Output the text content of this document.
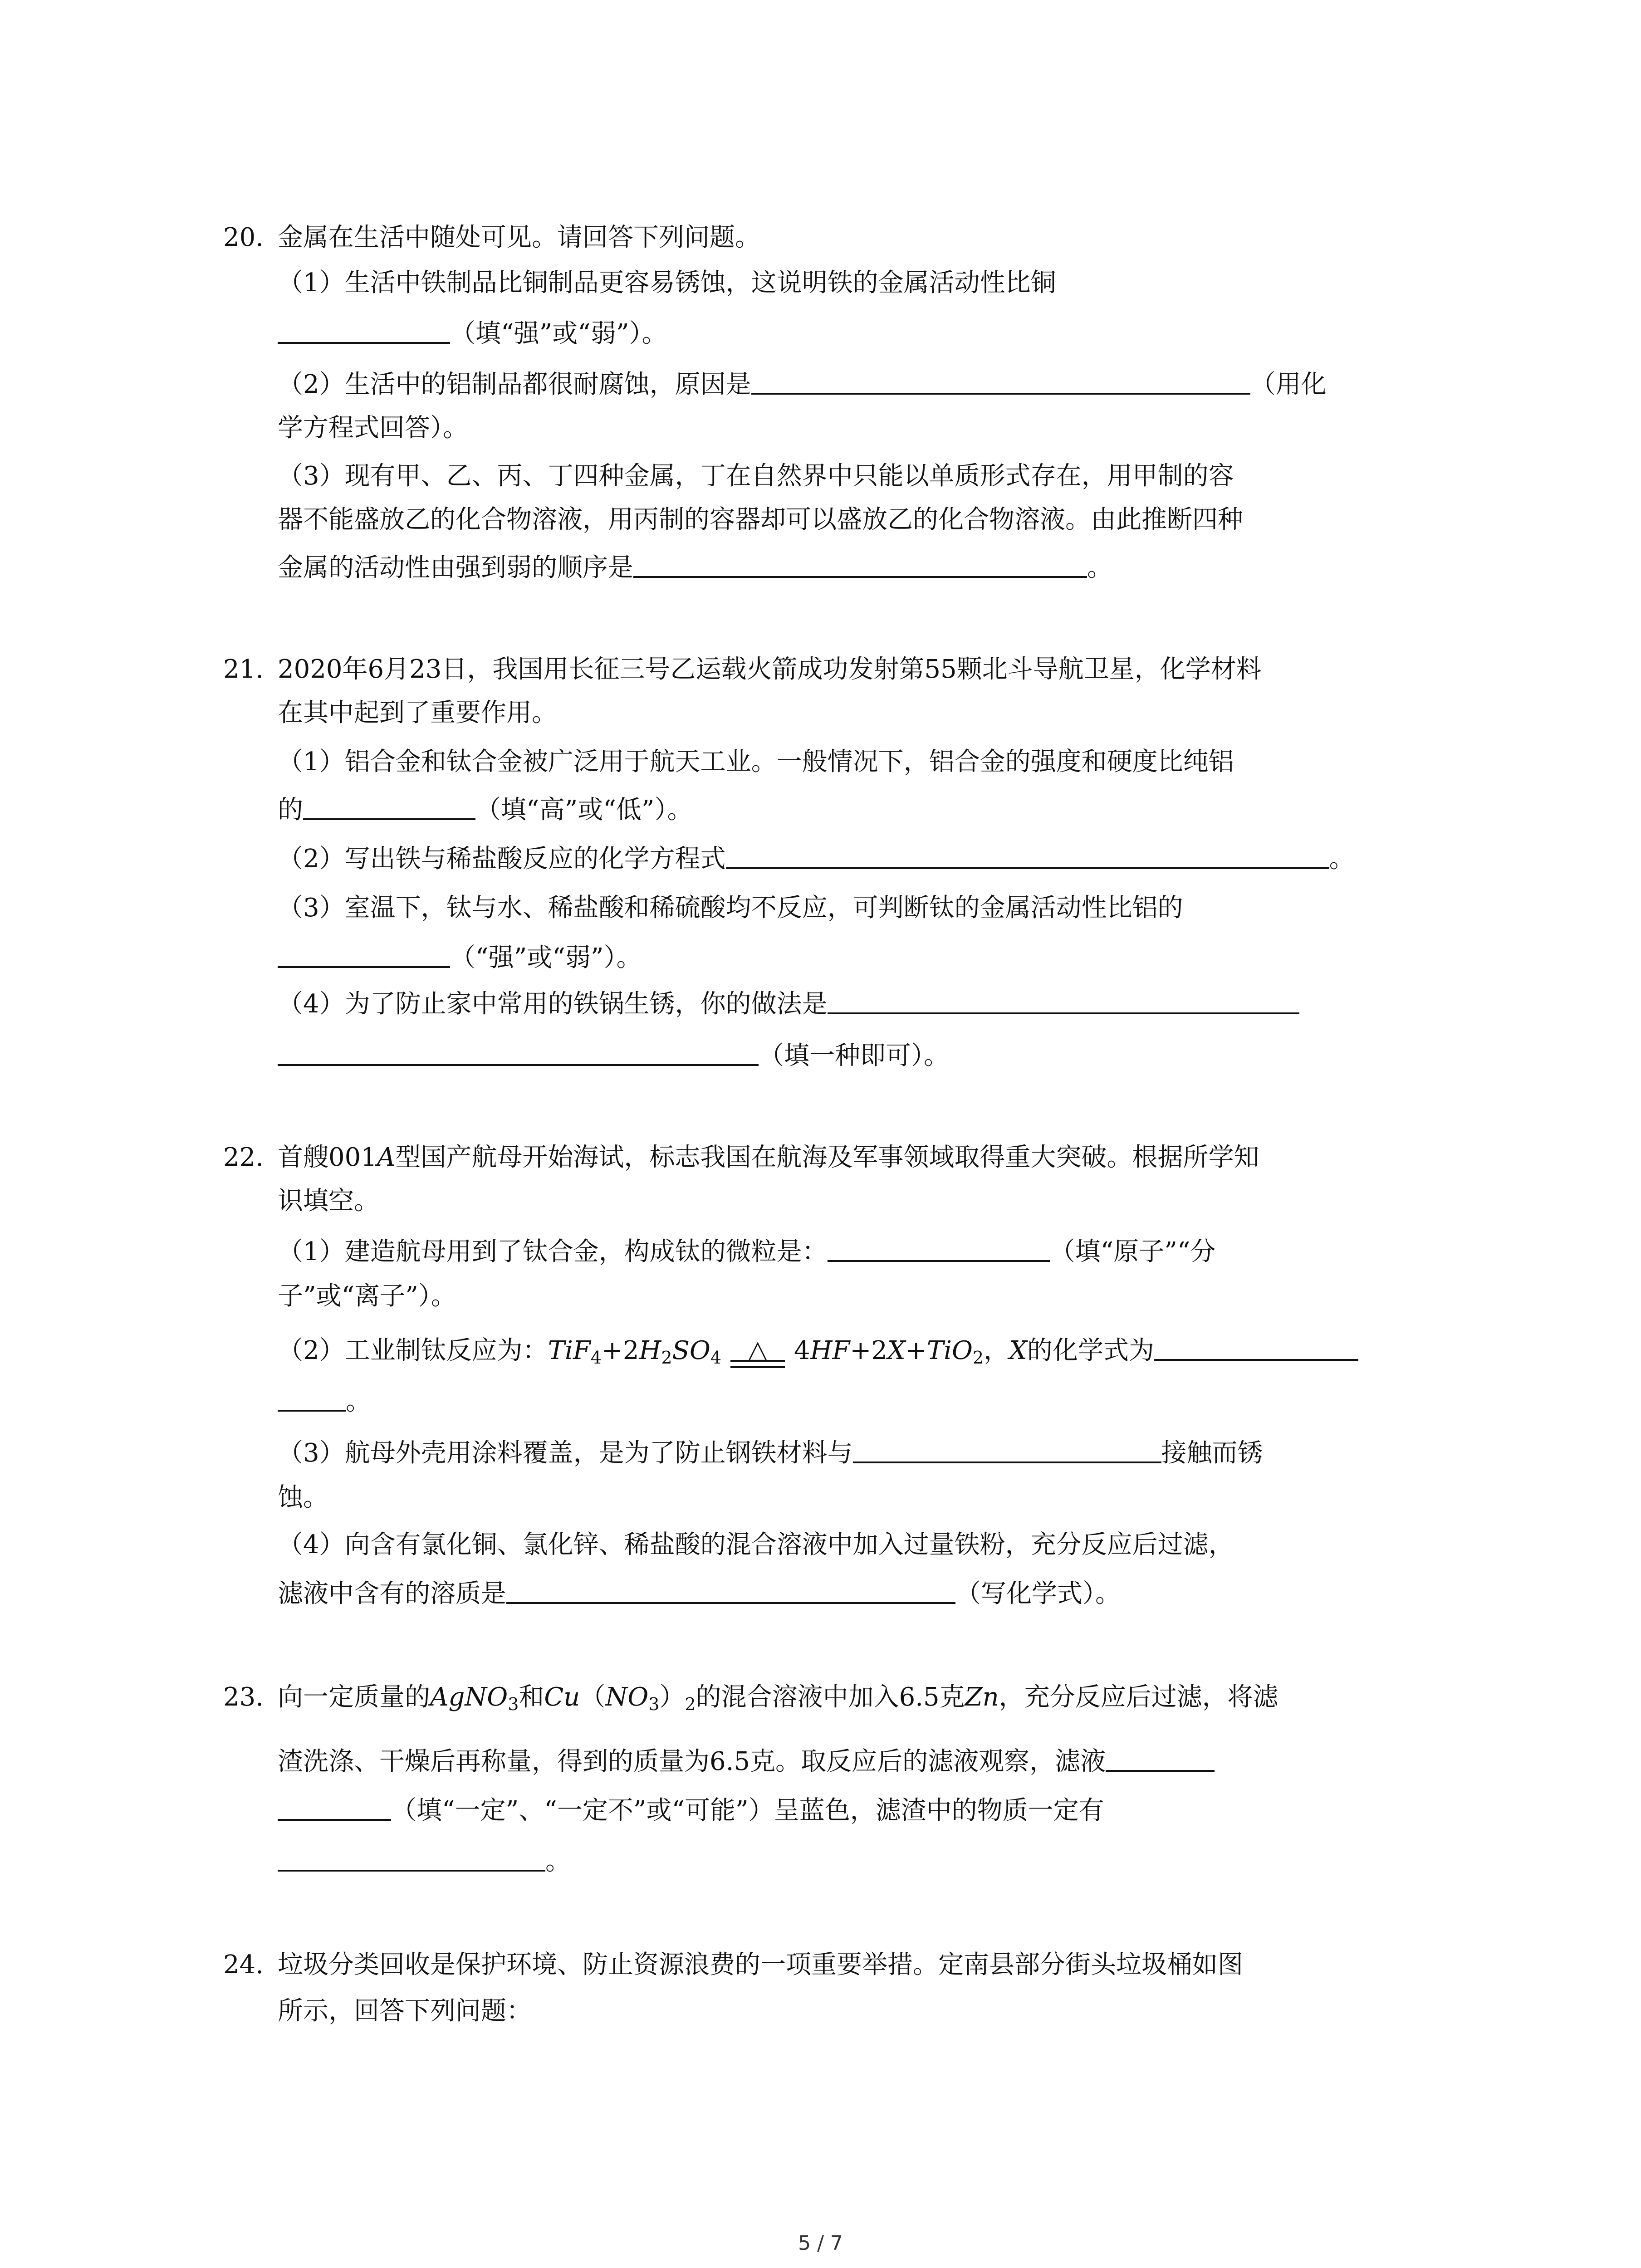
20. 金属在生活中随处可见。请回答下列问题。
（1）生活中铁制品比铜制品更容易锈蚀，这说明铁的金属活动性比铜
（填“强”或“弱”）。
（2）生活中的铝制品都很耐腐蚀，原因是	（用化
学方程式回答）。
（3）现有甲、乙、丙、丁四种金属，丁在自然界中只能以单质形式存在，用甲制的容
器不能盛放乙的化合物溶液，用丙制的容器却可以盛放乙的化合物溶液。由此推断四种
金属的活动性由强到弱的顺序是	。
21. 2020年6月23日，我国用长征三号乙运载火箭成功发射第55颗北斗导航卫星，化学材料
在其中起到了重要作用。
（1）铝合金和钛合金被广泛用于航天工业。一般情况下，铝合金的强度和硬度比纯铝
的	（填“高”或“低”）。
（2）写出铁与稀盐酸反应的化学方程式	。
（3）室温下，钛与水、稀盐酸和稀硫酸均不反应，可判断钛的金属活动性比铝的
（“强”或“弱”）。
（4）为了防止家中常用的铁锅生锈，你的做法是
（填一种即可）。
22. 首艘001A型国产航母开始海试，标志我国在航海及军事领域取得重大突破。根据所学知
识填空。
（1）建造航母用到了钛合金，构成钛的微粒是：	（填“原子”“分
子”或“离子”）。
（2）工业制钛反应为：$TiF_4+2H_2SO_4$	△	4HF+2X+TiO$_2$，X的化学式为
。
（3）航母外壳用涂料覆盖，是为了防止钢铁材料与	接触而锈
蚀。
（4）向含有氯化铜、氯化锌、稀盐酸的混合溶液中加入过量铁粉，充分反应后过滤，
滤液中含有的溶质是	（写化学式）。
23. 向一定质量的AgNO$_3$和$Cu(NO_3)_2$的混合溶液中加入6.5克Zn，充分反应后过滤，将滤
渣洗涤、干燥后再称量，得到的质量为6.5克。取反应后的滤液观察，滤液
（填“一定”、“一定不”或“可能”）呈蓝色，滤渣中的物质一定有
。
24. 垃圾分类回收是保护环境、防止资源浪费的一项重要举措。定南县部分街头垃圾桶如图
所示，回答下列问题：
5 / 7
